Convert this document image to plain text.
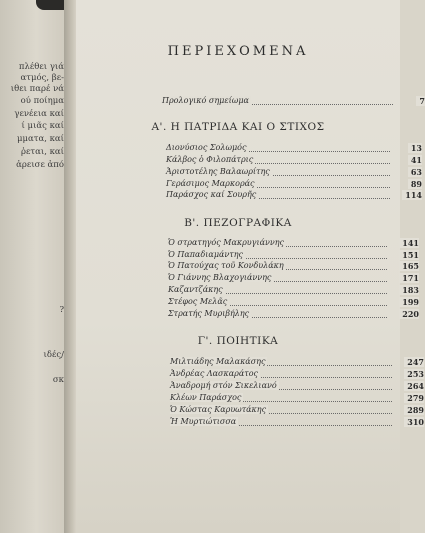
πλέθει γιά
ατμός, βε-
ιθει παρέ νά
ού ποίημα
γενέεια καί
ί μιᾶς καί
μματα, καί
ῥεται, καί
ἀρεισε ἀπό
?
ιδές/
σκ
ΠΕΡΙΕΧΟΜΕΝΑ
Προλογικό σημείωμα	7
Α'. Η ΠΑΤΡΙΔΑ ΚΑΙ Ο ΣΤΙΧΟΣ
Διονύσιος Σολωμός	13
Κάλβος ὁ Φιλοπάτρις	41
Ἀριστοτέλης Βαλαωρίτης	63
Γεράσιμος Μαρκοράς	89
Παράσχος καί Σουρῆς	114
Β'. ΠΕΖΟΓΡΑΦΙΚΑ
Ὁ στρατηγός Μακρυγιάννης	141
Ὁ Παπαδιαμάντης	151
Ὁ Πατούχας τοῦ Κονδυλάκη	165
Ὁ Γιάννης Βλαχογιάννης	171
Καζαντζάκης	183
Στέφος Μελᾶς	199
Στρατής Μυριβήλης	220
Γ'. ΠΟΙΗΤΙΚΑ
Μιλτιάδης Μαλακάσης	247
Ἀνδρέας Λασκαράτος	253
Ἀναδρομή στόν Σικελιανό	264
Κλέων Παράσχος	279
Ὁ Κώστας Καρυωτάκης	289
Ἡ Μυρτιώτισσα	310
